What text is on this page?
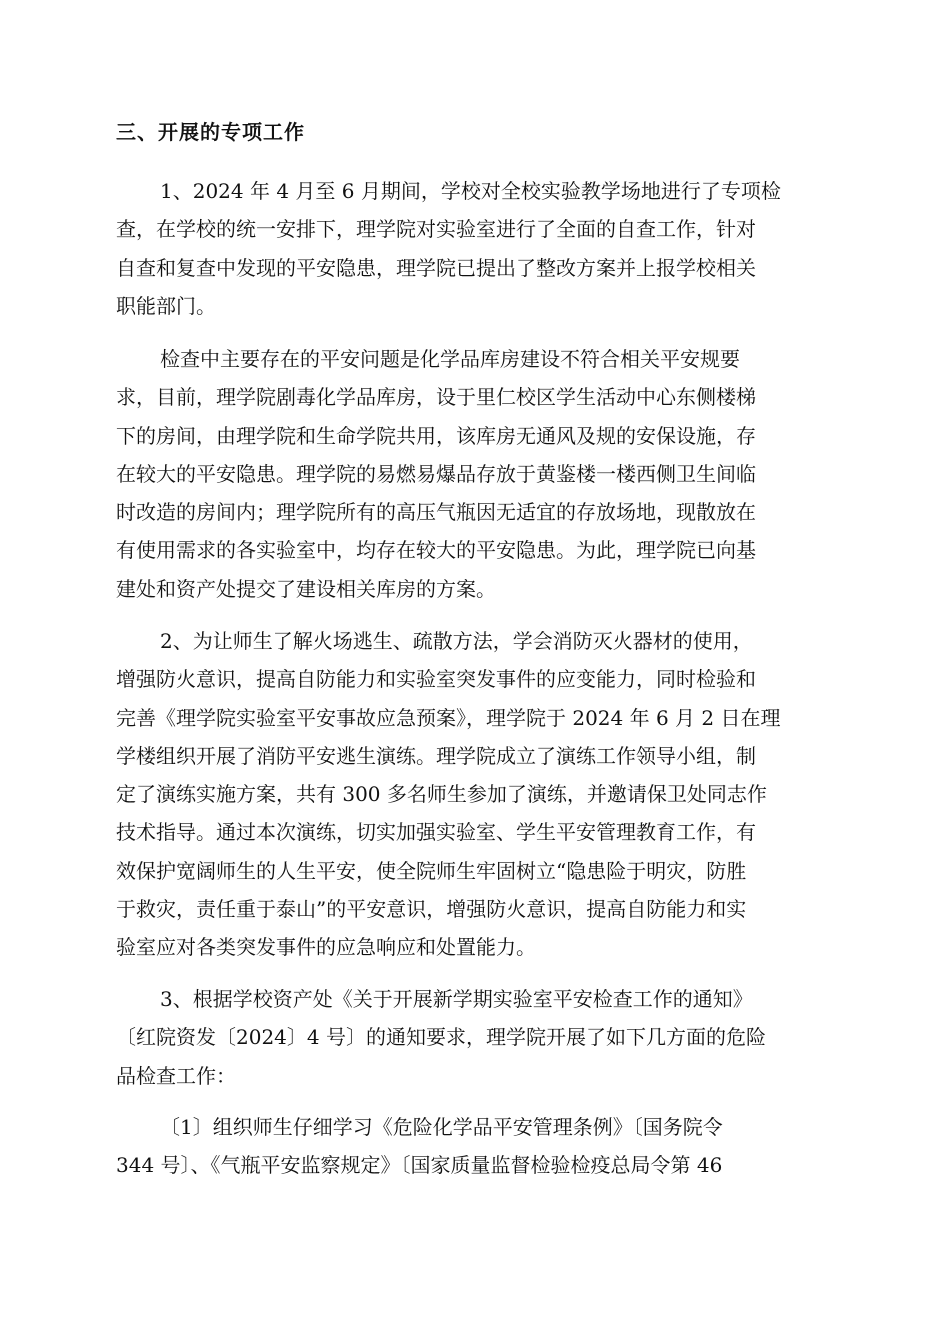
三、开展的专项工作
1、2024 年 4 月至 6 月期间，学校对全校实验教学场地进行了专项检
查，在学校的统一安排下，理学院对实验室进行了全面的自查工作，针对
自查和复查中发现的平安隐患，理学院已提出了整改方案并上报学校相关
职能部门。
检查中主要存在的平安问题是化学品库房建设不符合相关平安规要
求，目前，理学院剧毒化学品库房，设于里仁校区学生活动中心东侧楼梯
下的房间，由理学院和生命学院共用，该库房无通风及规的安保设施，存
在较大的平安隐患。理学院的易燃易爆品存放于黄鉴楼一楼西侧卫生间临
时改造的房间内；理学院所有的高压气瓶因无适宜的存放场地，现散放在
有使用需求的各实验室中，均存在较大的平安隐患。为此，理学院已向基
建处和资产处提交了建设相关库房的方案。
2、为让师生了解火场逃生、疏散方法，学会消防灭火器材的使用，
增强防火意识，提高自防能力和实验室突发事件的应变能力，同时检验和
完善《理学院实验室平安事故应急预案》，理学院于 2024 年 6 月 2 日在理
学楼组织开展了消防平安逃生演练。理学院成立了演练工作领导小组，制
定了演练实施方案，共有 300 多名师生参加了演练，并邀请保卫处同志作
技术指导。通过本次演练，切实加强实验室、学生平安管理教育工作，有
效保护宽阔师生的人生平安，使全院师生牢固树立“隐患险于明灾，防胜
于救灾，责任重于泰山”的平安意识，增强防火意识，提高自防能力和实
验室应对各类突发事件的应急响应和处置能力。
3、根据学校资产处《关于开展新学期实验室平安检查工作的通知》
〔红院资发〔2024〕4 号〕的通知要求，理学院开展了如下几方面的危险
品检查工作：
〔1〕组织师生仔细学习《危险化学品平安管理条例》〔国务院令
344 号〕、《气瓶平安监察规定》〔国家质量监督检验检疫总局令第 46
